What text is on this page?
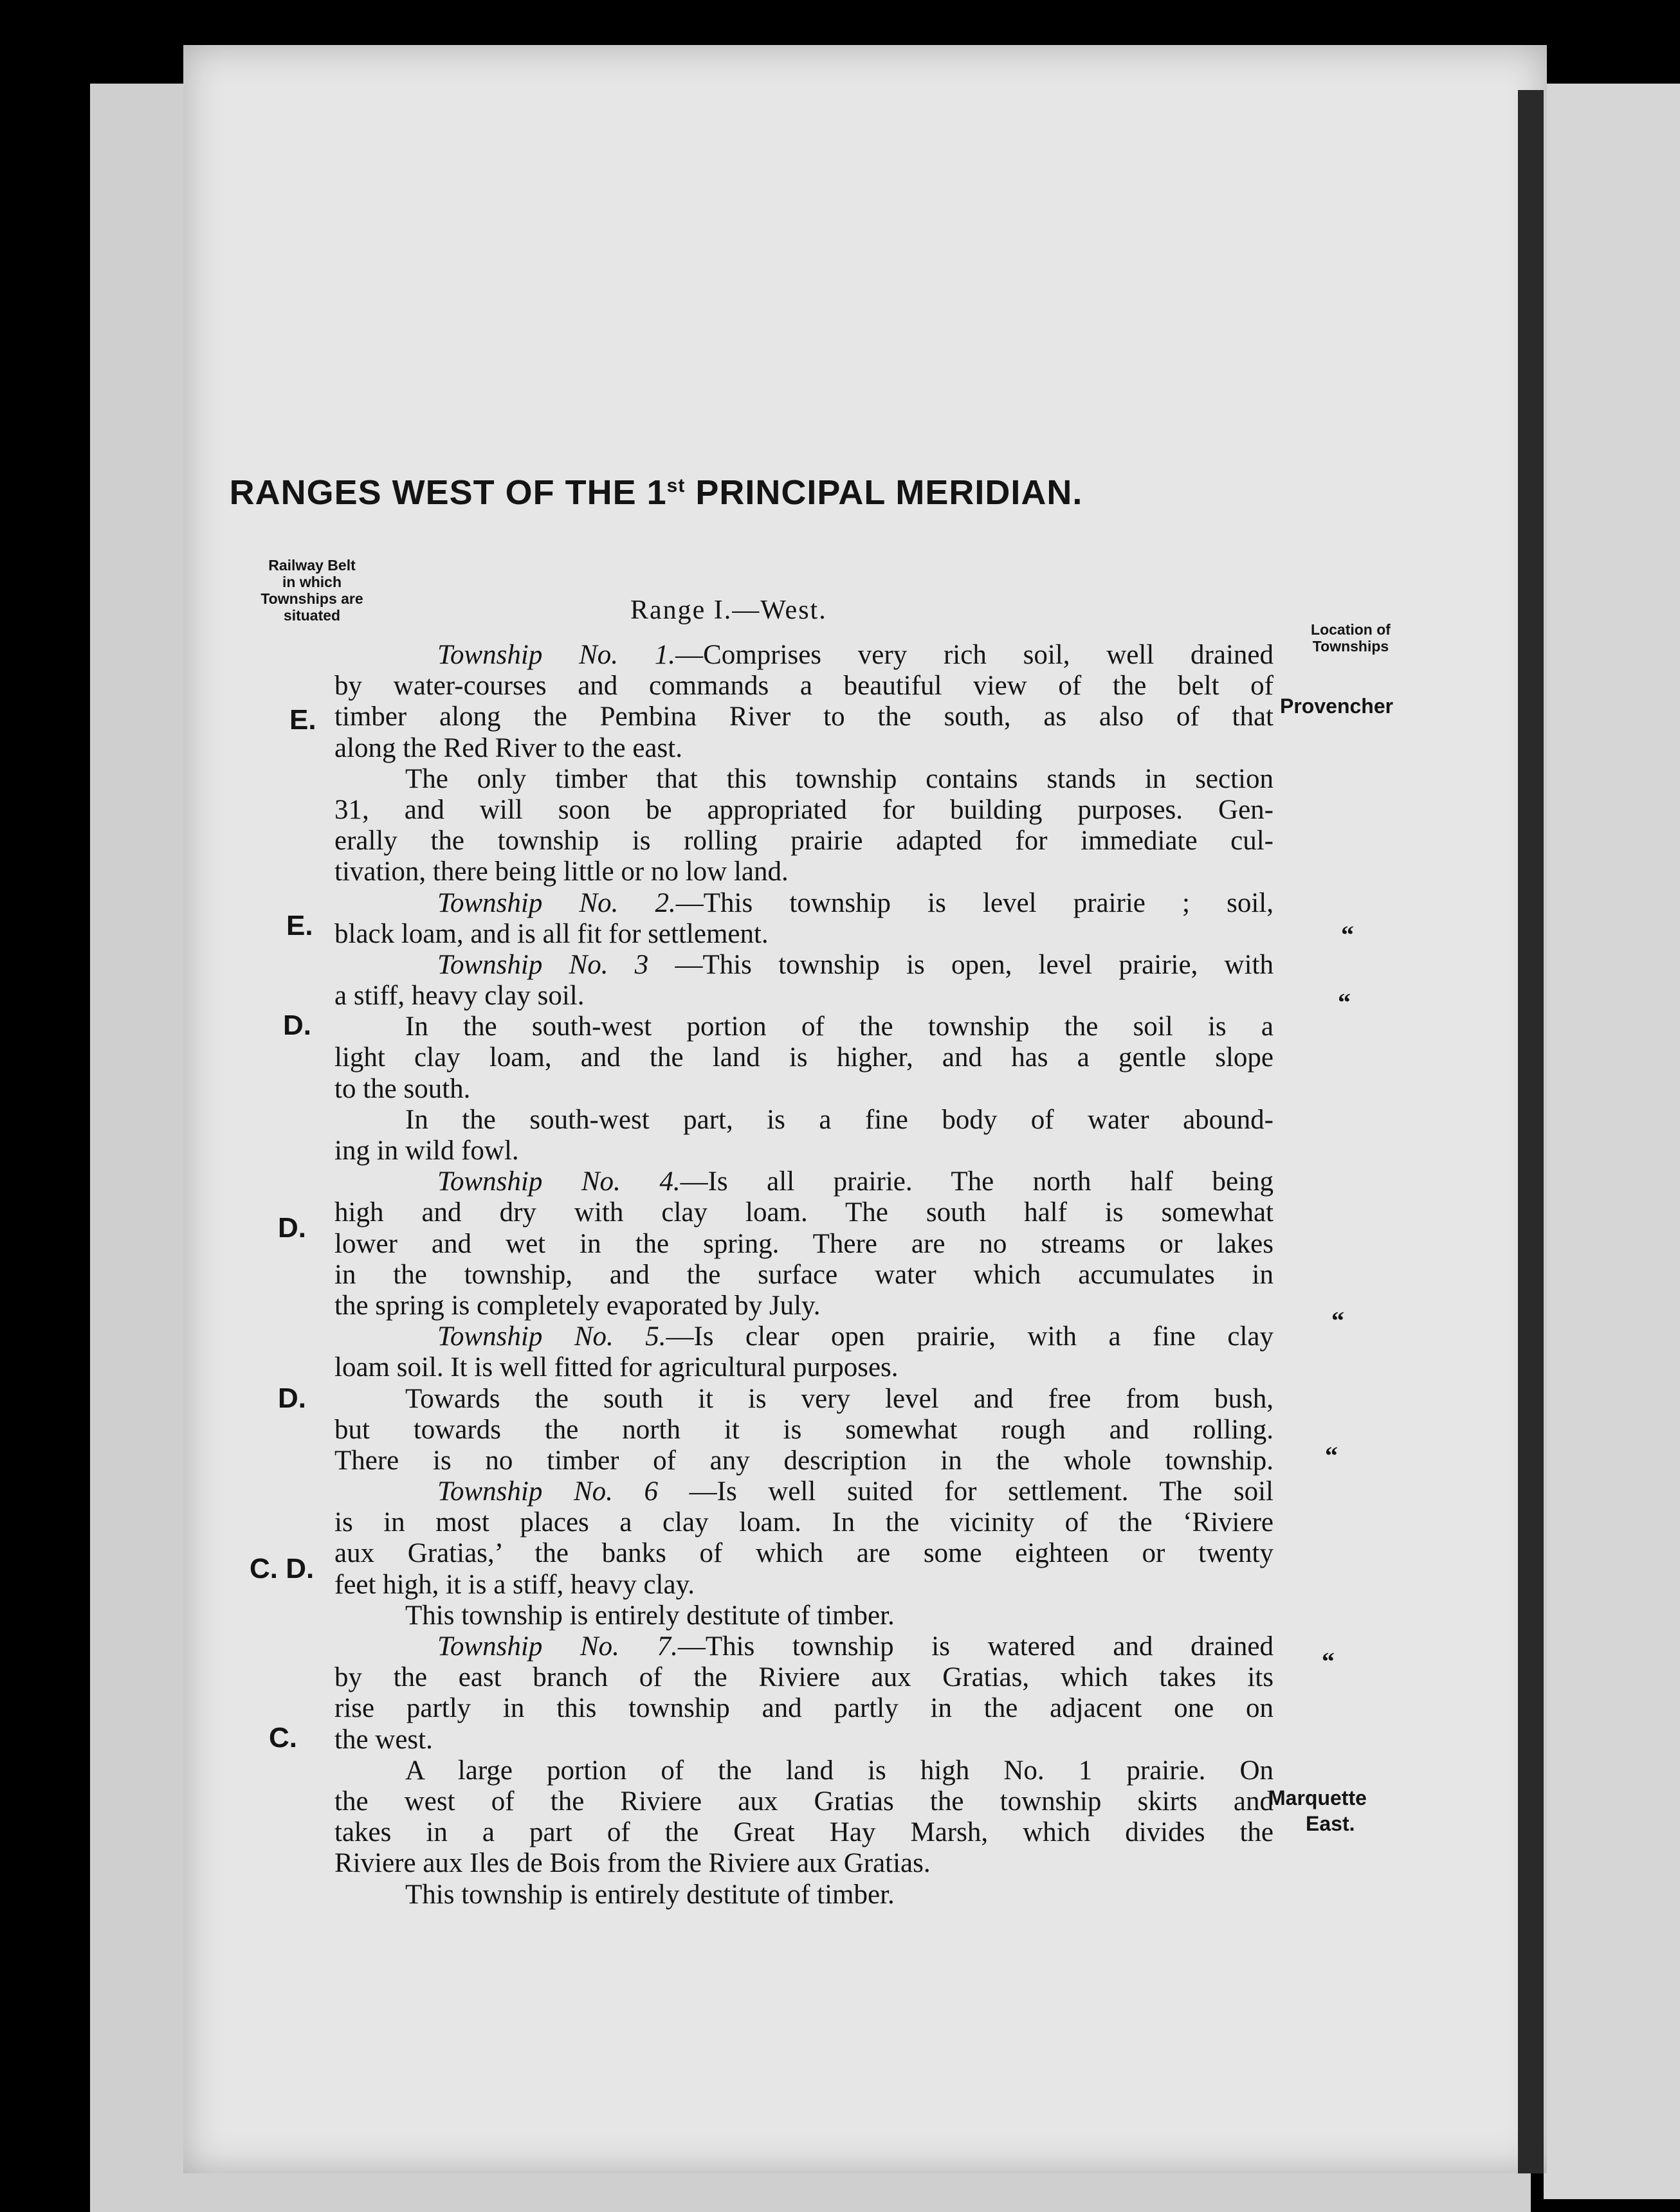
RANGES WEST OF THE 1st PRINCIPAL MERIDIAN.
Railway Belt
in which
Townships are
situated	Range I.—West.
Location of
Townships
E.
E.
D.
D.
D.
C. D.
C.
Provencher
“
“
“
“
“
Marquette
East.
Township No. 1.—Comprises very rich soil, well drained
by water-courses and commands a beautiful view of the belt of
timber along the Pembina River to the south, as also of that
along the Red River to the east.
The only timber that this township contains stands in section
31, and will soon be appropriated for building purposes. Gen-
erally the township is rolling prairie adapted for immediate cul-
tivation, there being little or no low land.
Township No. 2.—This township is level prairie ; soil,
black loam, and is all fit for settlement.
Township No. 3 —This township is open, level prairie, with
a stiff, heavy clay soil.
In the south-west portion of the township the soil is a
light clay loam, and the land is higher, and has a gentle slope
to the south.
In the south-west part, is a fine body of water abound-
ing in wild fowl.
Township No. 4.—Is all prairie. The north half being
high and dry with clay loam. The south half is somewhat
lower and wet in the spring. There are no streams or lakes
in the township, and the surface water which accumulates in
the spring is completely evaporated by July.
Township No. 5.—Is clear open prairie, with a fine clay
loam soil. It is well fitted for agricultural purposes.
Towards the south it is very level and free from bush,
but towards the north it is somewhat rough and rolling.
There is no timber of any description in the whole township.
Township No. 6 —Is well suited for settlement. The soil
is in most places a clay loam. In the vicinity of the ‘Riviere
aux Gratias,’ the banks of which are some eighteen or twenty
feet high, it is a stiff, heavy clay.
This township is entirely destitute of timber.
Township No. 7.—This township is watered and drained
by the east branch of the Riviere aux Gratias, which takes its
rise partly in this township and partly in the adjacent one on
the west.
A large portion of the land is high No. 1 prairie. On
the west of the Riviere aux Gratias the township skirts and
takes in a part of the Great Hay Marsh, which divides the
Riviere aux Iles de Bois from the Riviere aux Gratias.
This township is entirely destitute of timber.
